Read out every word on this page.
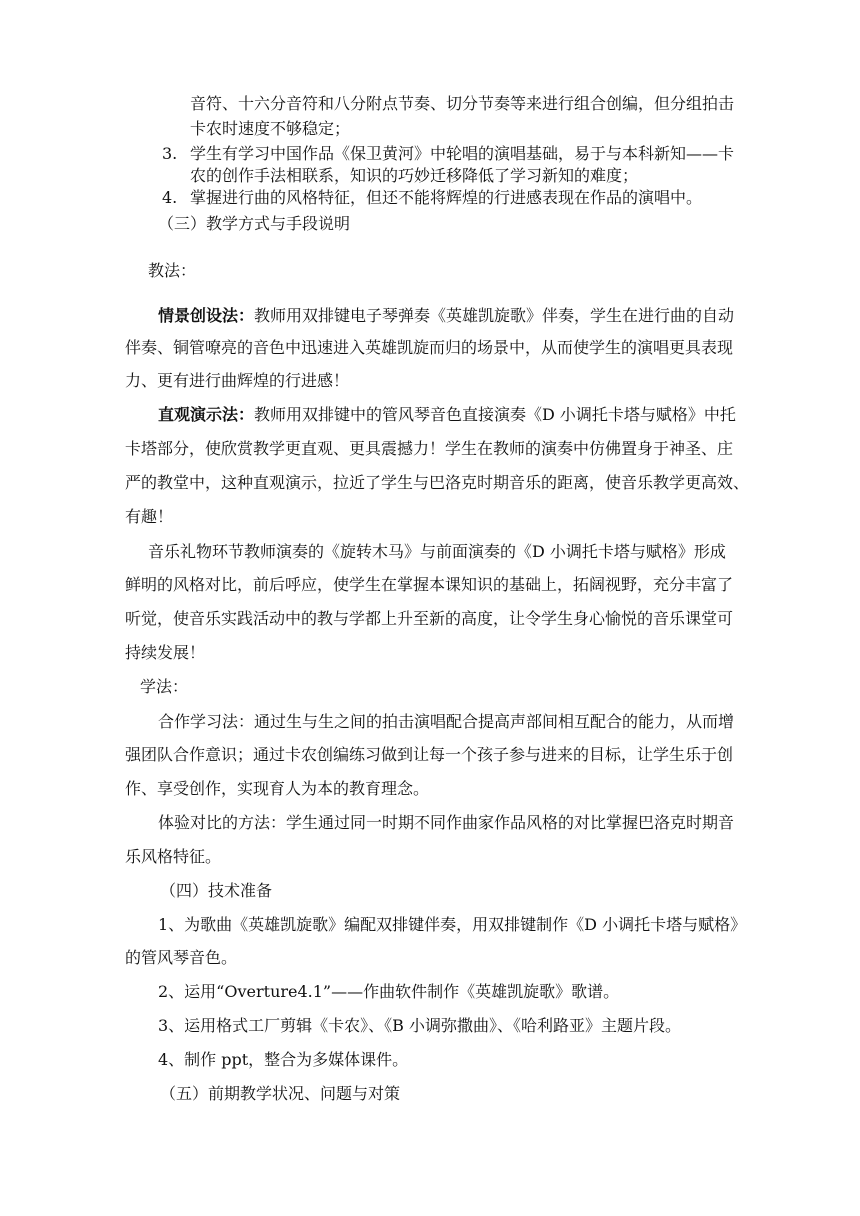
音符、十六分音符和八分附点节奏、切分节奏等来进行组合创编，但分组拍击
卡农时速度不够稳定；
3. 学生有学习中国作品《保卫黄河》中轮唱的演唱基础，易于与本科新知——卡
农的创作手法相联系，知识的巧妙迁移降低了学习新知的难度；
4. 掌握进行曲的风格特征，但还不能将辉煌的行进感表现在作品的演唱中。
（三）教学方式与手段说明
教法：
情景创设法：教师用双排键电子琴弹奏《英雄凯旋歌》伴奏，学生在进行曲的自动
伴奏、铜管嘹亮的音色中迅速进入英雄凯旋而归的场景中，从而使学生的演唱更具表现
力、更有进行曲辉煌的行进感！
直观演示法：教师用双排键中的管风琴音色直接演奏《D 小调托卡塔与赋格》中托
卡塔部分，使欣赏教学更直观、更具震撼力！学生在教师的演奏中仿佛置身于神圣、庄
严的教堂中，这种直观演示，拉近了学生与巴洛克时期音乐的距离，使音乐教学更高效、
有趣！
音乐礼物环节教师演奏的《旋转木马》与前面演奏的《D 小调托卡塔与赋格》形成
鲜明的风格对比，前后呼应，使学生在掌握本课知识的基础上，拓阔视野，充分丰富了
听觉，使音乐实践活动中的教与学都上升至新的高度，让令学生身心愉悦的音乐课堂可
持续发展！
学法：
合作学习法：通过生与生之间的拍击演唱配合提高声部间相互配合的能力，从而增
强团队合作意识；通过卡农创编练习做到让每一个孩子参与进来的目标，让学生乐于创
作、享受创作，实现育人为本的教育理念。
体验对比的方法：学生通过同一时期不同作曲家作品风格的对比掌握巴洛克时期音
乐风格特征。
（四）技术准备
1、为歌曲《英雄凯旋歌》编配双排键伴奏，用双排键制作《D 小调托卡塔与赋格》
的管风琴音色。
2、运用“Overture4.1”——作曲软件制作《英雄凯旋歌》歌谱。
3、运用格式工厂剪辑《卡农》、《B 小调弥撒曲》、《哈利路亚》主题片段。
4、制作 ppt，整合为多媒体课件。
（五）前期教学状况、问题与对策
